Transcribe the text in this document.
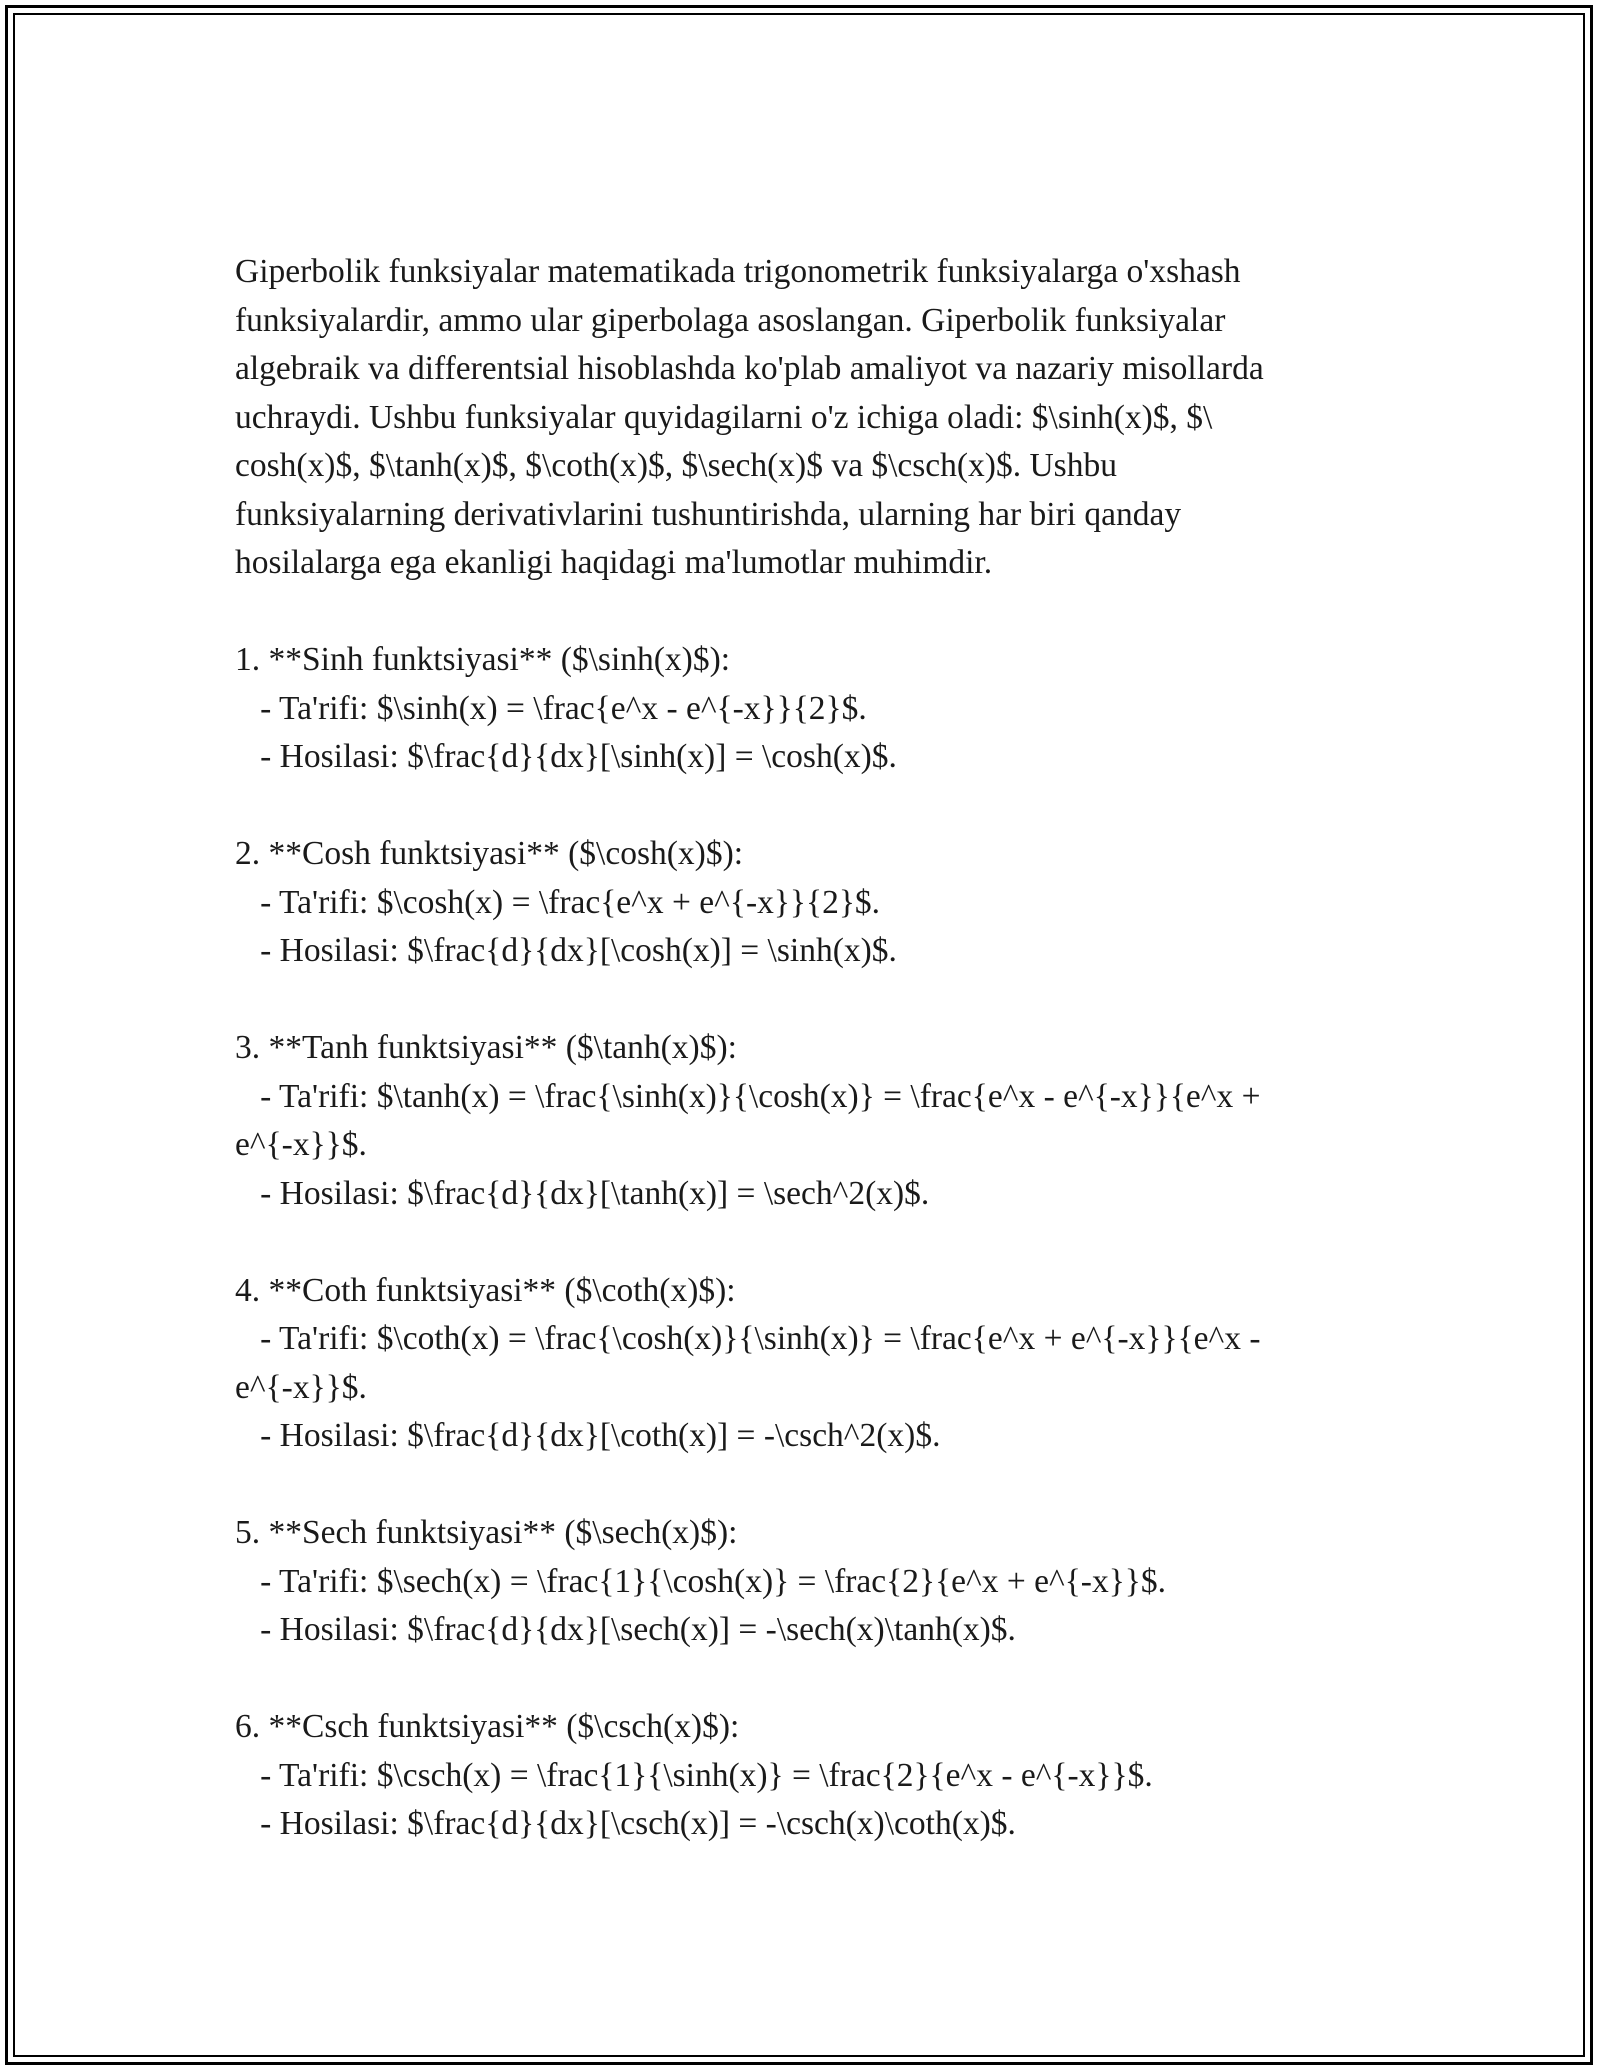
Giperbolik funksiyalar matematikada trigonometrik funksiyalarga o'xshash
funksiyalardir, ammo ular giperbolaga asoslangan. Giperbolik funksiyalar
algebraik va differentsial hisoblashda ko'plab amaliyot va nazariy misollarda
uchraydi. Ushbu funksiyalar quyidagilarni o'z ichiga oladi: $\sinh(x)$, $\
cosh(x)$, $\tanh(x)$, $\coth(x)$, $\sech(x)$ va $\csch(x)$. Ushbu
funksiyalarning derivativlarini tushuntirishda, ularning har biri qanday
hosilalarga ega ekanligi haqidagi ma'lumotlar muhimdir.

1. **Sinh funktsiyasi** ($\sinh(x)$):

- Ta'rifi: $\sinh(x) = \frac{e^x - e^{-x}}{2}$.

- Hosilasi: $\frac{d}{dx}[\sinh(x)] = \cosh(x)$.

2. **Cosh funktsiyasi** ($\cosh(x)$):

- Ta'rifi: $\cosh(x) = \frac{e^x + e^{-x}}{2}$.

- Hosilasi: $\frac{d}{dx}[\cosh(x)] = \sinh(x)$.

3. **Tanh funktsiyasi** ($\tanh(x)$):

- Ta'rifi: $\tanh(x) = \frac{\sinh(x)}{\cosh(x)} = \frac{e^x - e^{-x}}{e^x +

e^{-x}}$.

- Hosilasi: $\frac{d}{dx}[\tanh(x)] = \sech^2(x)$.

4. **Coth funktsiyasi** ($\coth(x)$):

- Ta'rifi: $\coth(x) = \frac{\cosh(x)}{\sinh(x)} = \frac{e^x + e^{-x}}{e^x -

e^{-x}}$.

- Hosilasi: $\frac{d}{dx}[\coth(x)] = -\csch^2(x)$.

5. **Sech funktsiyasi** ($\sech(x)$):

- Ta'rifi: $\sech(x) = \frac{1}{\cosh(x)} = \frac{2}{e^x + e^{-x}}$.

- Hosilasi: $\frac{d}{dx}[\sech(x)] = -\sech(x)\tanh(x)$.

6. **Csch funktsiyasi** ($\csch(x)$):

- Ta'rifi: $\csch(x) = \frac{1}{\sinh(x)} = \frac{2}{e^x - e^{-x}}$.

- Hosilasi: $\frac{d}{dx}[\csch(x)] = -\csch(x)\coth(x)$.
